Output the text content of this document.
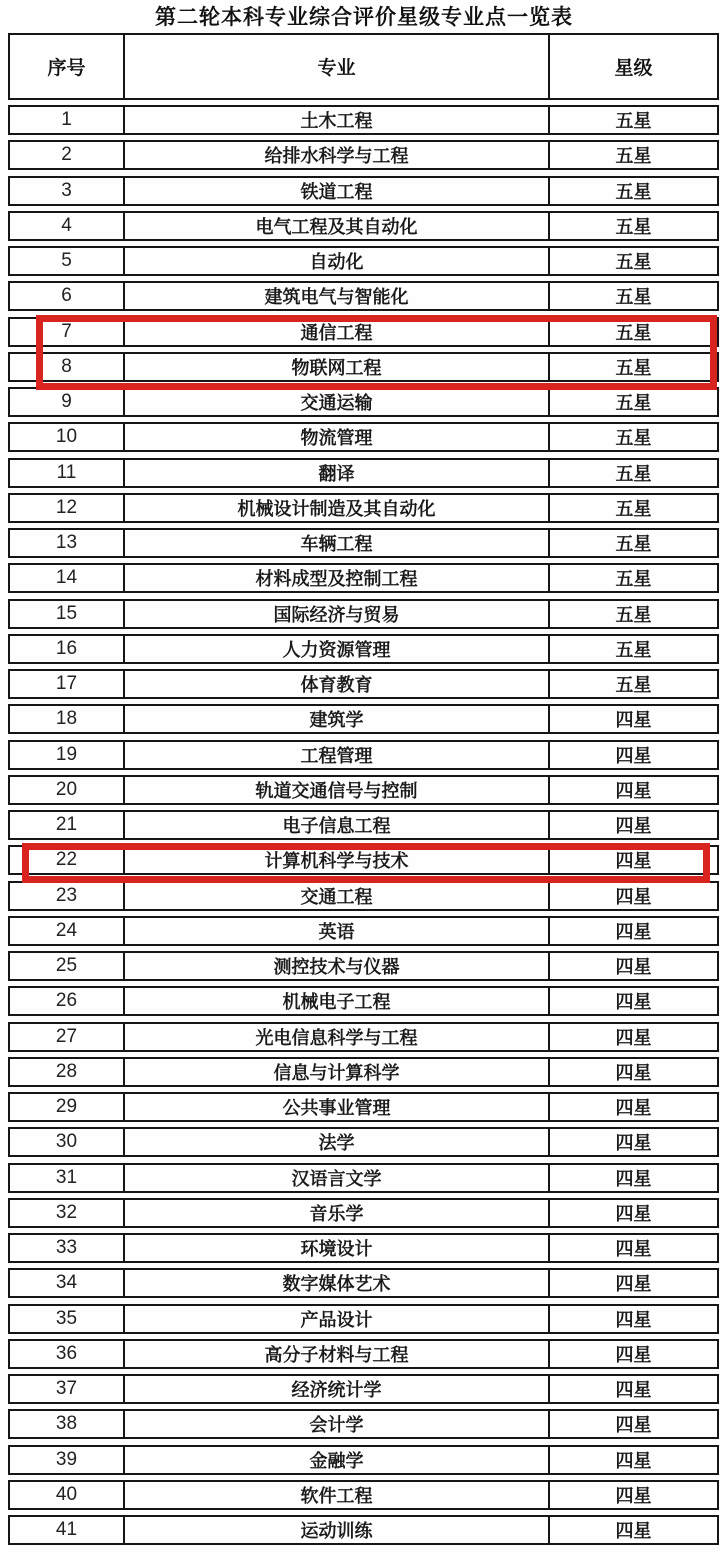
第二轮本科专业综合评价星级专业点一览表
序号	专业	星级
1	土木工程	五星
2	给排水科学与工程	五星
3	铁道工程	五星
4	电气工程及其自动化	五星
5	自动化	五星
6	建筑电气与智能化	五星
7	通信工程	五星
8	物联网工程	五星
9	交通运输	五星
10	物流管理	五星
11	翻译	五星
12	机械设计制造及其自动化	五星
13	车辆工程	五星
14	材料成型及控制工程	五星
15	国际经济与贸易	五星
16	人力资源管理	五星
17	体育教育	五星
18	建筑学	四星
19	工程管理	四星
20	轨道交通信号与控制	四星
21	电子信息工程	四星
22	计算机科学与技术	四星
23	交通工程	四星
24	英语	四星
25	测控技术与仪器	四星
26	机械电子工程	四星
27	光电信息科学与工程	四星
28	信息与计算科学	四星
29	公共事业管理	四星
30	法学	四星
31	汉语言文学	四星
32	音乐学	四星
33	环境设计	四星
34	数字媒体艺术	四星
35	产品设计	四星
36	高分子材料与工程	四星
37	经济统计学	四星
38	会计学	四星
39	金融学	四星
40	软件工程	四星
41	运动训练	四星
